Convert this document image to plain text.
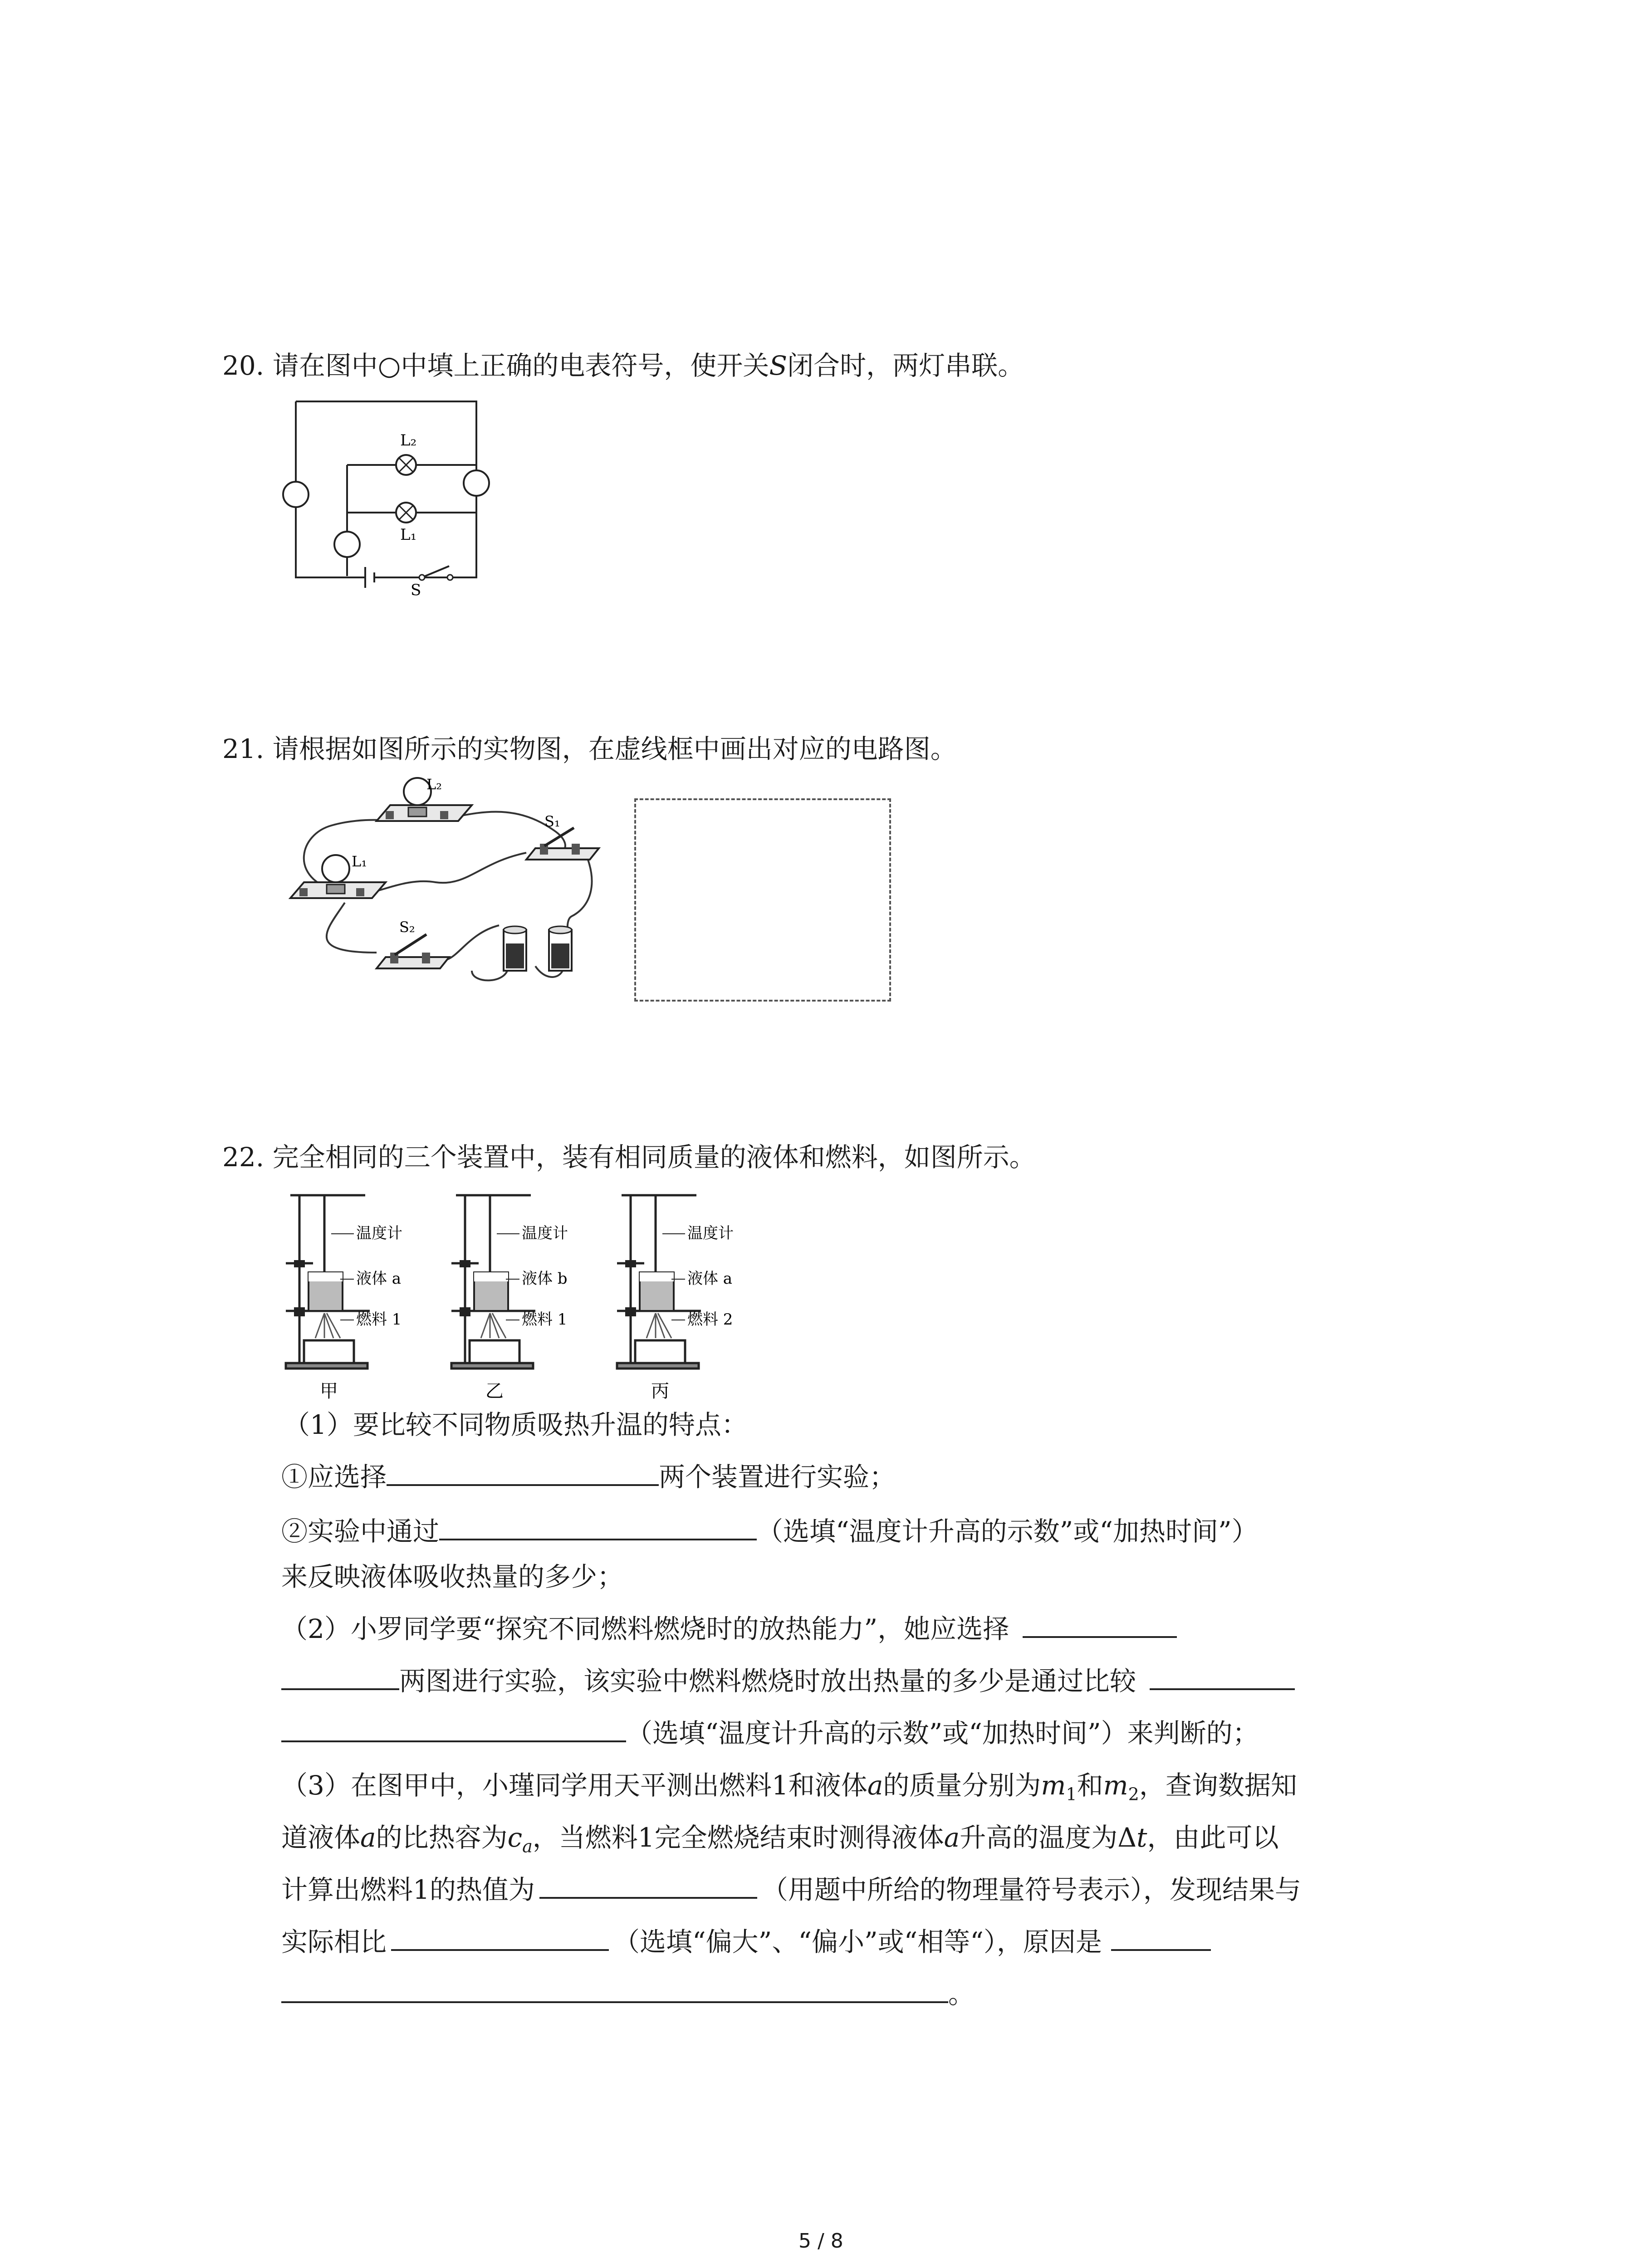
20. 请在图中○中填上正确的电表符号，使开关S闭合时，两灯串联。
L₂
L₁
S
21. 请根据如图所示的实物图，在虚线框中画出对应的电路图。
L₂
L₁
S₁
S₂
22. 完全相同的三个装置中，装有相同质量的液体和燃料，如图所示。
温度计
液体 a
燃料 1
甲
温度计
液体 b
燃料 1
乙
温度计
液体 a
燃料 2
丙
（1）要比较不同物质吸热升温的特点：
①应选择	两个装置进行实验；
②实验中通过	（选填“温度计升高的示数”或“加热时间”）
来反映液体吸收热量的多少；
（2）小罗同学要“探究不同燃料燃烧时的放热能力”，她应选择
两图进行实验，该实验中燃料燃烧时放出热量的多少是通过比较
（选填“温度计升高的示数”或“加热时间”）来判断的；
（3）在图甲中，小瑾同学用天平测出燃料1和液体a的质量分别为$m_1$和$m_2$，查询数据知
道液体a的比热容为$c_a$，当燃料1完全燃烧结束时测得液体a升高的温度为Δt，由此可以
计算出燃料1的热值为	（用题中所给的物理量符号表示），发现结果与
实际相比	（选填“偏大”、“偏小”或“相等“），原因是
。
5 / 8
